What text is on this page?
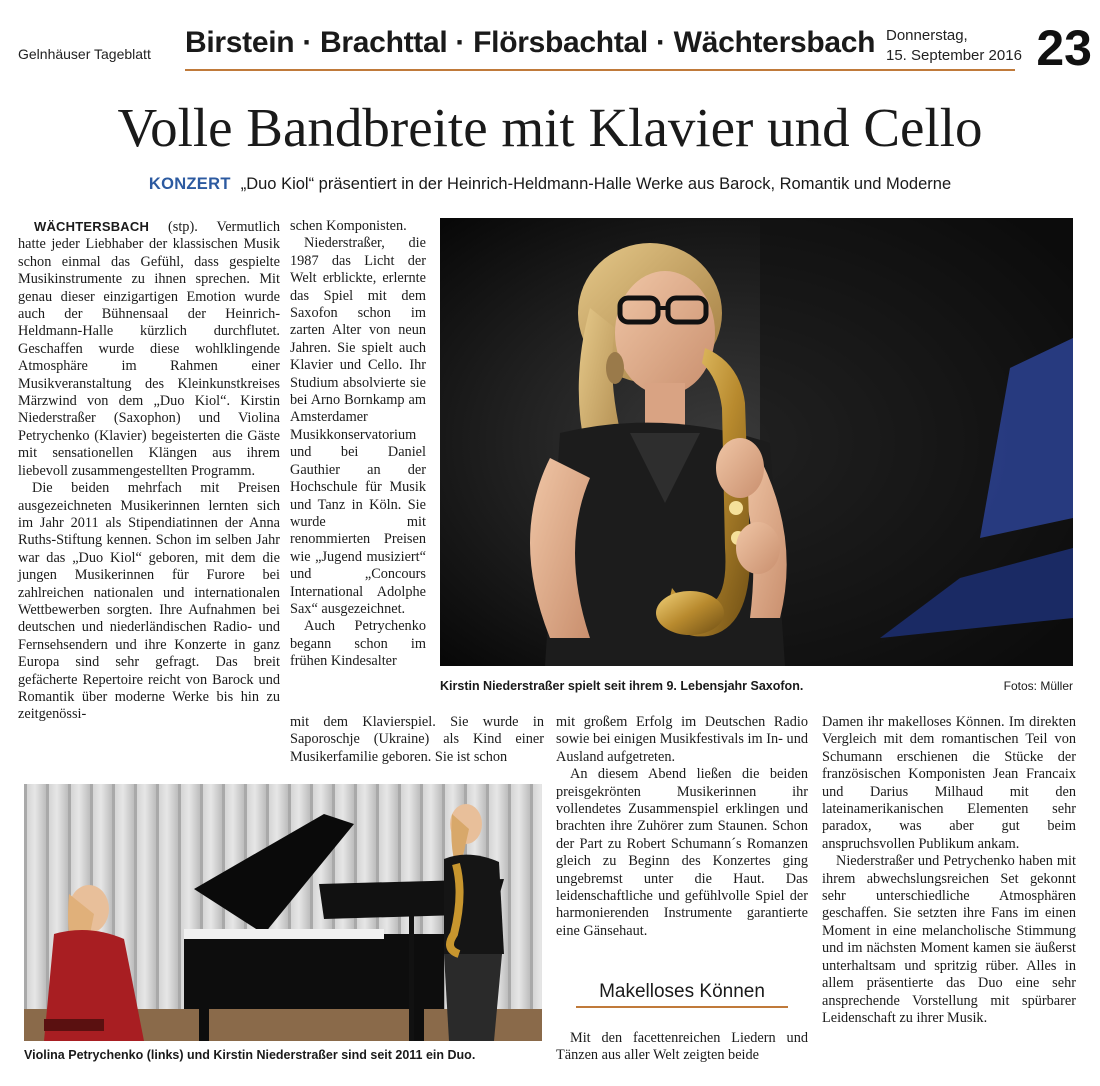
Gelnhäuser Tageblatt Birstein · Brachttal · Flörsbachtal · Wächtersbach Donnerstag,
15. September 2016 23
Volle Bandbreite mit Klavier und Cello
KONZERT „Duo Kiol“ präsentiert in der Heinrich-Heldmann-Halle Werke aus Barock, Romantik und Moderne

WÄCHTERSBACH (stp). Vermutlich hatte jeder Liebhaber der klassischen Musik schon einmal das Gefühl, dass gespielte Musikinstrumente zu ihnen sprechen. Mit genau dieser einzigartigen Emotion wurde auch der Bühnensaal der Heinrich-Heldmann-Halle kürzlich durchflutet. Geschaffen wurde diese wohlklingende Atmosphäre im Rahmen einer Musikveranstaltung des Kleinkunstkreises Märzwind von dem „Duo Kiol“. Kirstin Niederstraßer (Saxophon) und Violina Petrychenko (Klavier) begeisterten die Gäste mit sensationellen Klängen aus ihrem liebevoll zusammengestellten Programm.

Die beiden mehrfach mit Preisen ausgezeichneten Musikerinnen lernten sich im Jahr 2011 als Stipendiatinnen der Anna Ruths-Stiftung kennen. Schon im selben Jahr war das „Duo Kiol“ geboren, mit dem die jungen Musikerinnen für Furore bei zahlreichen nationalen und internationalen Wettbewerben sorgten. Ihre Aufnahmen bei deutschen und niederländischen Radio- und Fernsehsendern und ihre Konzerte in ganz Europa sind sehr gefragt. Das breit gefächerte Repertoire reicht von Barock und Romantik über moderne Werke bis hin zu zeitgenössi-

schen Komponisten.

Niederstraßer, die 1987 das Licht der Welt erblickte, erlernte das Spiel mit dem Saxofon schon im zarten Alter von neun Jahren. Sie spielt auch Klavier und Cello. Ihr Studium absolvierte sie bei Arno Bornkamp am Amsterdamer Musikkonservatorium und bei Daniel Gauthier an der Hochschule für Musik und Tanz in Köln. Sie wurde mit renommierten Preisen wie „Jugend musiziert“ und „Concours International Adolphe Sax“ ausgezeichnet.

Auch Petrychenko begann schon im frühen Kindesalter

mit dem Klavierspiel. Sie wurde in Saporoschje (Ukraine) als Kind einer Musikerfamilie geboren. Sie ist schon

Kirstin Niederstraßer spielt seit ihrem 9. Lebensjahr Saxofon.	Fotos: Müller
Violina Petrychenko (links) und Kirstin Niederstraßer sind seit 2011 ein Duo.

mit großem Erfolg im Deutschen Radio sowie bei einigen Musikfestivals im In- und Ausland aufgetreten.

An diesem Abend ließen die beiden preisgekrönten Musikerinnen ihr vollendetes Zusammenspiel erklingen und brachten ihre Zuhörer zum Staunen. Schon der Part zu Robert Schumann´s Romanzen gleich zu Beginn des Konzertes ging ungebremst unter die Haut. Das leidenschaftliche und gefühlvolle Spiel der harmonierenden Instrumente garantierte eine Gänsehaut.

Makelloses Können

Mit den facettenreichen Liedern und Tänzen aus aller Welt zeigten beide

Damen ihr makelloses Können. Im direkten Vergleich mit dem romantischen Teil von Schumann erschienen die Stücke der französischen Komponisten Jean Francaix und Darius Milhaud mit den lateinamerikanischen Elementen sehr paradox, was aber gut beim anspruchsvollen Publikum ankam.

Niederstraßer und Petrychenko haben mit ihrem abwechslungsreichen Set gekonnt sehr unterschiedliche Atmosphären geschaffen. Sie setzten ihre Fans im einen Moment in eine melancholische Stimmung und im nächsten Moment kamen sie äußerst unterhaltsam und spritzig rüber. Alles in allem präsentierte das Duo eine sehr ansprechende Vorstellung mit spürbarer Leidenschaft zu ihrer Musik.
